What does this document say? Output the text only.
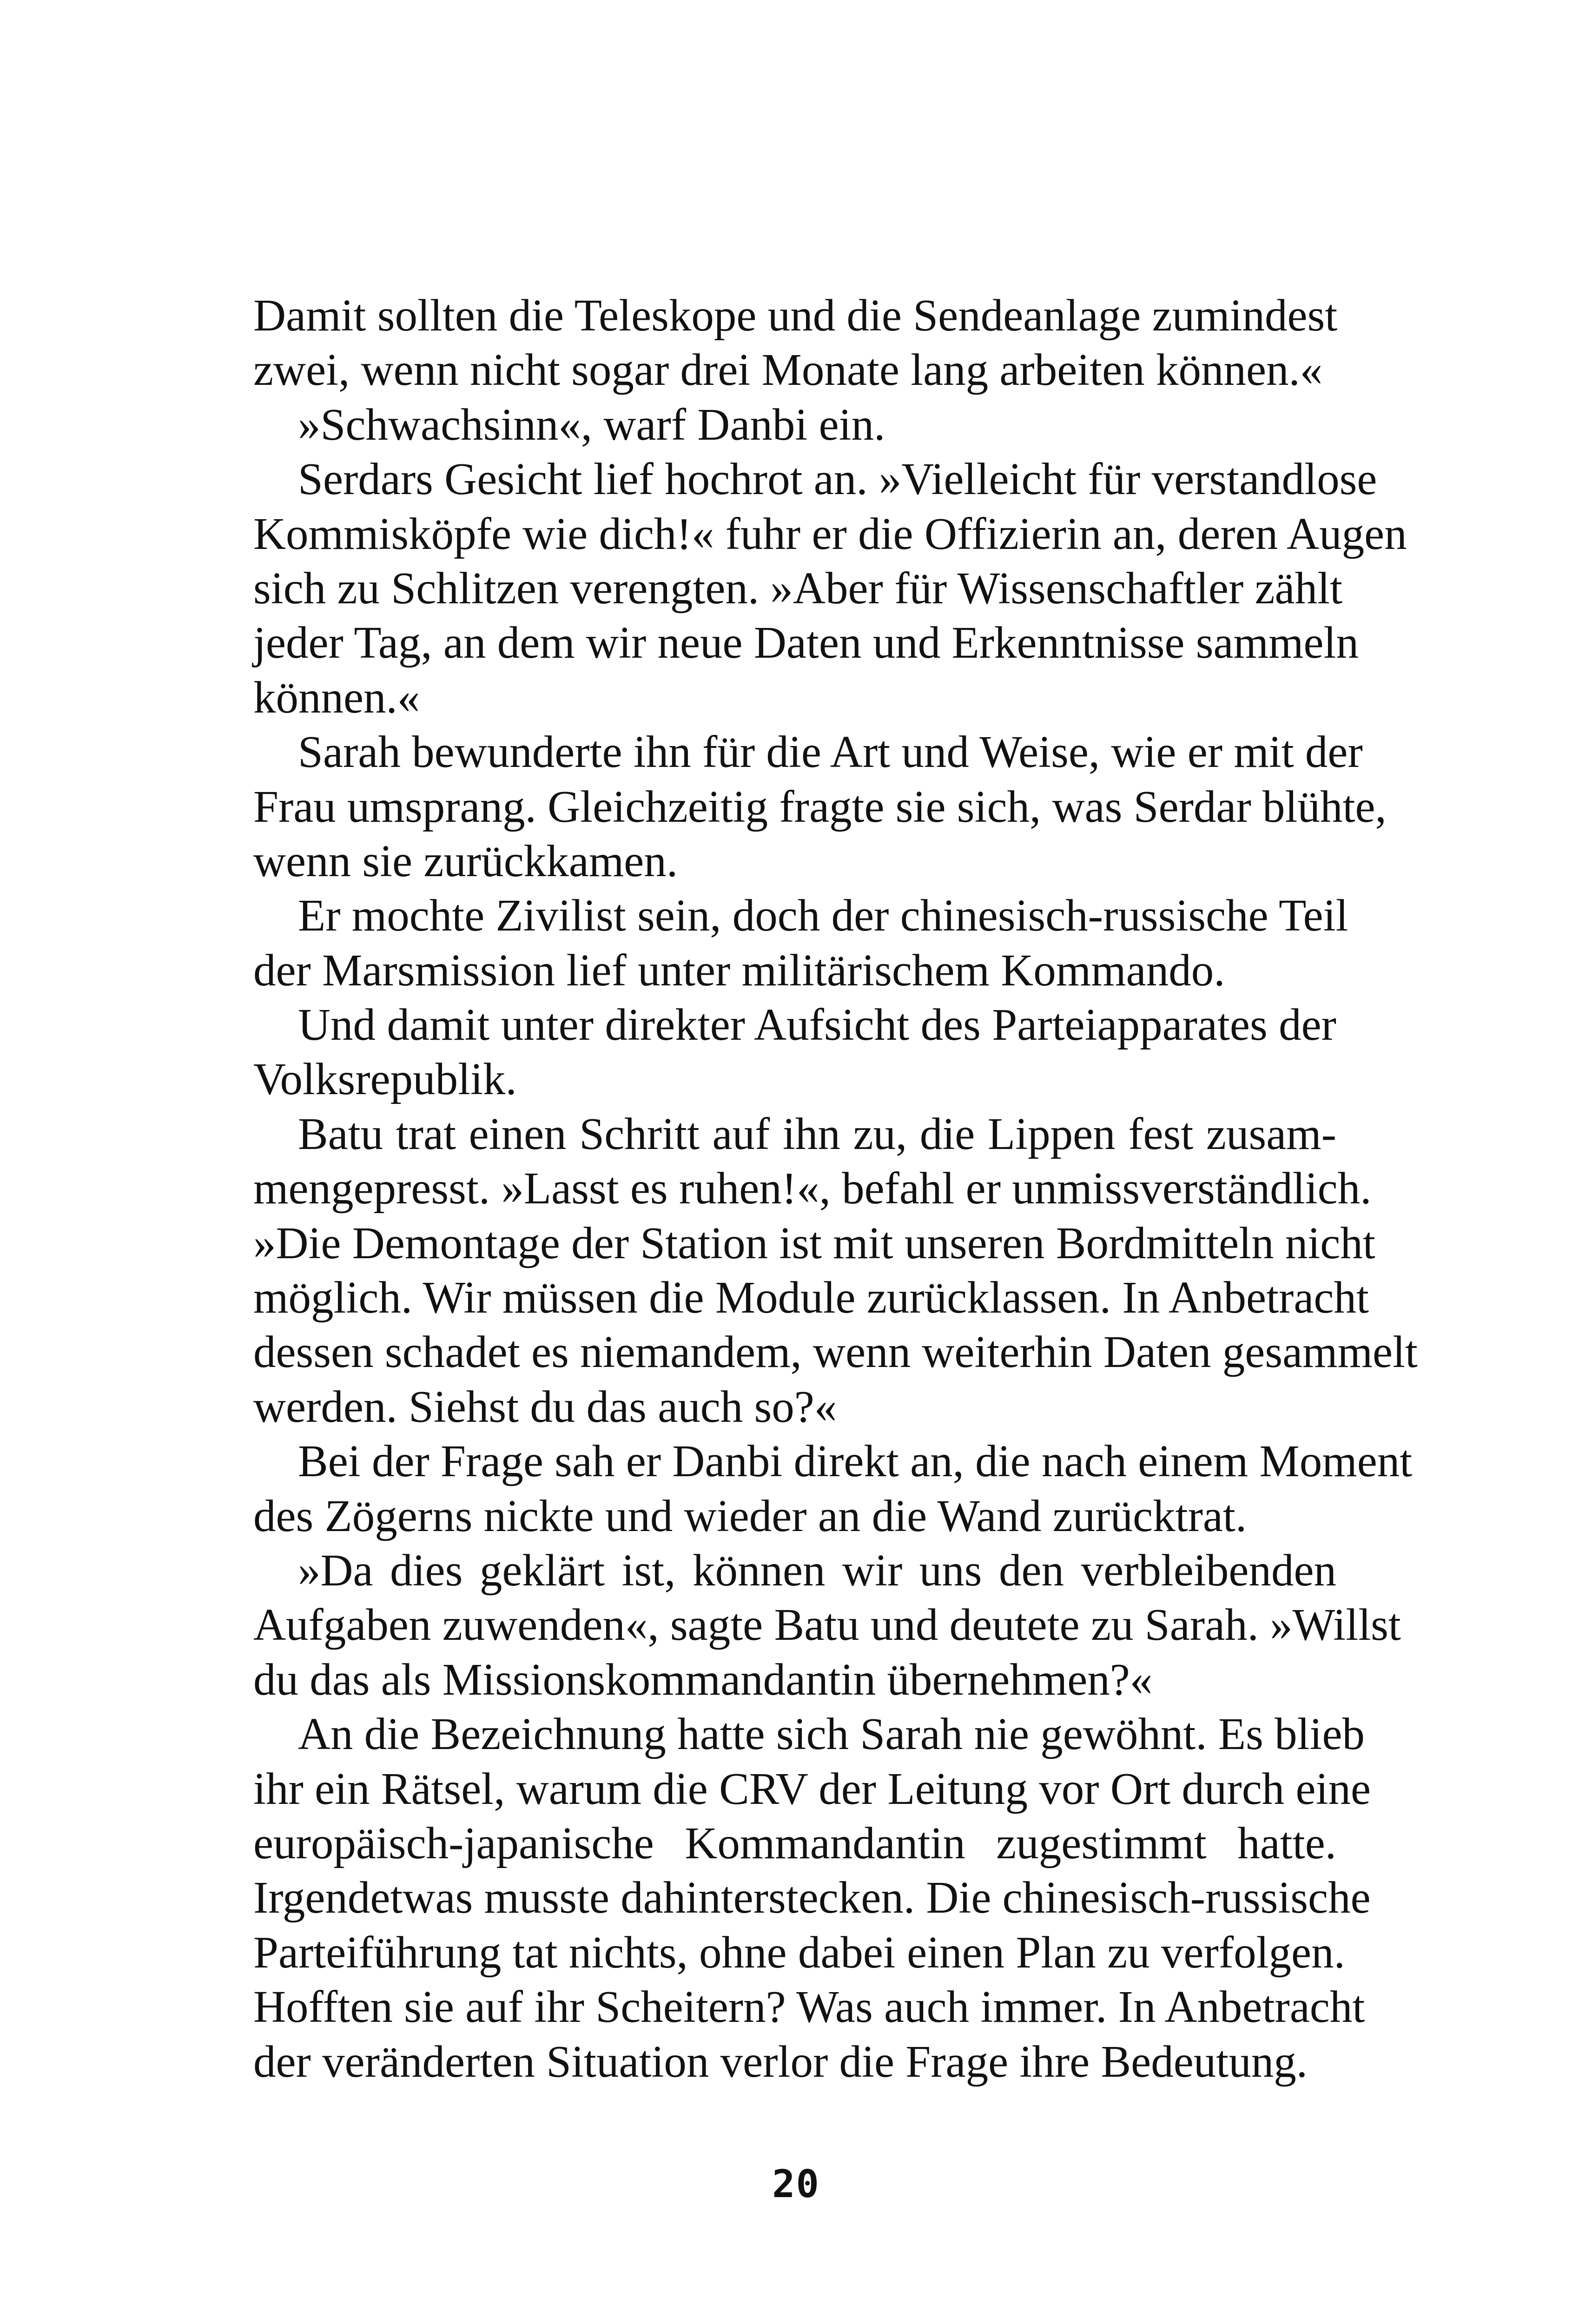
Damit sollten die Teleskope und die Sendeanlage zumindest
zwei, wenn nicht sogar drei Monate lang arbeiten können.«
»Schwachsinn«, warf Danbi ein.
Serdars Gesicht lief hochrot an. »Vielleicht für verstandlose
Kommisköpfe wie dich!« fuhr er die Offizierin an, deren Augen
sich zu Schlitzen verengten. »Aber für Wissenschaftler zählt
jeder Tag, an dem wir neue Daten und Erkenntnisse sammeln
können.«
Sarah bewunderte ihn für die Art und Weise, wie er mit der
Frau umsprang. Gleichzeitig fragte sie sich, was Serdar blühte,
wenn sie zurückkamen.
Er mochte Zivilist sein, doch der chinesisch-russische Teil
der Marsmission lief unter militärischem Kommando.
Und damit unter direkter Aufsicht des Parteiapparates der
Volksrepublik.
Batu trat einen Schritt auf ihn zu, die Lippen fest zusam-
mengepresst. »Lasst es ruhen!«, befahl er unmissverständlich.
»Die Demontage der Station ist mit unseren Bordmitteln nicht
möglich. Wir müssen die Module zurücklassen. In Anbetracht
dessen schadet es niemandem, wenn weiterhin Daten gesammelt
werden. Siehst du das auch so?«
Bei der Frage sah er Danbi direkt an, die nach einem Moment
des Zögerns nickte und wieder an die Wand zurücktrat.
»Da dies geklärt ist, können wir uns den verbleibenden
Aufgaben zuwenden«, sagte Batu und deutete zu Sarah. »Willst
du das als Missionskommandantin übernehmen?«
An die Bezeichnung hatte sich Sarah nie gewöhnt. Es blieb
ihr ein Rätsel, warum die CRV der Leitung vor Ort durch eine
europäisch-japanische Kommandantin zugestimmt hatte.
Irgendetwas musste dahinterstecken. Die chinesisch-russische
Parteiführung tat nichts, ohne dabei einen Plan zu verfolgen.
Hofften sie auf ihr Scheitern? Was auch immer. In Anbetracht
der veränderten Situation verlor die Frage ihre Bedeutung.
20
